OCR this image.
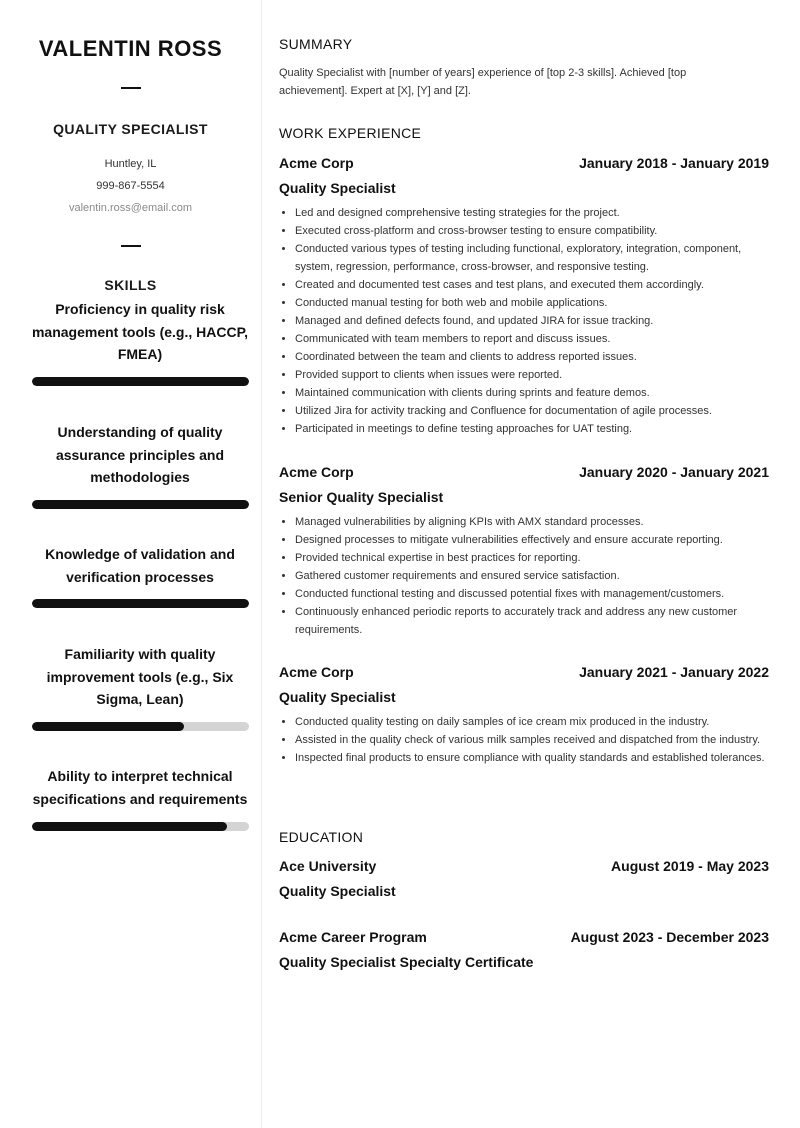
VALENTIN ROSS
QUALITY SPECIALIST
Huntley, IL
999-867-5554
valentin.ross@email.com
SKILLS
Proficiency in quality risk management tools (e.g., HACCP, FMEA)
Understanding of quality assurance principles and methodologies
Knowledge of validation and verification processes
Familiarity with quality improvement tools (e.g., Six Sigma, Lean)
Ability to interpret technical specifications and requirements
SUMMARY

Quality Specialist with [number of years] experience of [top 2-3 skills]. Achieved [top achievement]. Expert at [X], [Y] and [Z].

WORK EXPERIENCE
Acme Corp	January 2018 - January 2019
Quality Specialist
• Led and designed comprehensive testing strategies for the project.
• Executed cross-platform and cross-browser testing to ensure compatibility.
• Conducted various types of testing including functional, exploratory, integration, component, system, regression, performance, cross-browser, and responsive testing.
• Created and documented test cases and test plans, and executed them accordingly.
• Conducted manual testing for both web and mobile applications.
• Managed and defined defects found, and updated JIRA for issue tracking.
• Communicated with team members to report and discuss issues.
• Coordinated between the team and clients to address reported issues.
• Provided support to clients when issues were reported.
• Maintained communication with clients during sprints and feature demos.
• Utilized Jira for activity tracking and Confluence for documentation of agile processes.
• Participated in meetings to define testing approaches for UAT testing.
Acme Corp	January 2020 - January 2021
Senior Quality Specialist
• Managed vulnerabilities by aligning KPIs with AMX standard processes.
• Designed processes to mitigate vulnerabilities effectively and ensure accurate reporting.
• Provided technical expertise in best practices for reporting.
• Gathered customer requirements and ensured service satisfaction.
• Conducted functional testing and discussed potential fixes with management/customers.
• Continuously enhanced periodic reports to accurately track and address any new customer requirements.
Acme Corp	January 2021 - January 2022
Quality Specialist
• Conducted quality testing on daily samples of ice cream mix produced in the industry.
• Assisted in the quality check of various milk samples received and dispatched from the industry.
• Inspected final products to ensure compliance with quality standards and established tolerances.
EDUCATION
Ace University	August 2019 - May 2023
Quality Specialist
Acme Career Program	August 2023 - December 2023
Quality Specialist Specialty Certificate
